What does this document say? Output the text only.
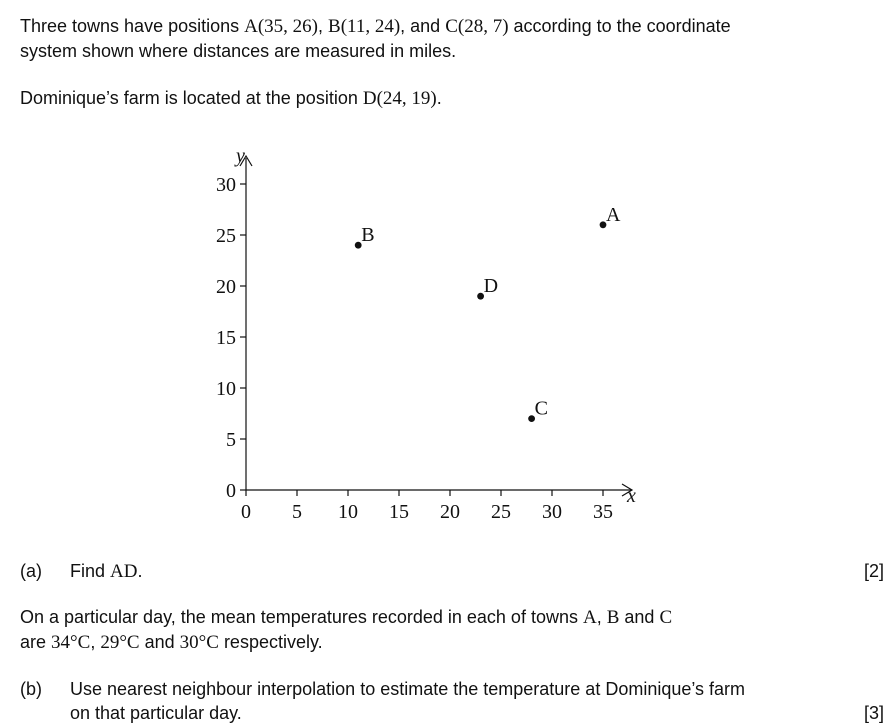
Three towns have positions A(35, 26), B(11, 24), and C(28, 7) according to the coordinate
system shown where distances are measured in miles.
Dominique’s farm is located at the position D(24, 19).
y
x
0 5 10 15 20 25 30 35
0
5
10
15
20
25
30
A
B
D
C
(a) Find AD.	[2]
On a particular day, the mean temperatures recorded in each of towns A, B and C
are 34°C, 29°C and 30°C respectively.
(b) Use nearest neighbour interpolation to estimate the temperature at Dominique’s farm
on that particular day.	[3]
